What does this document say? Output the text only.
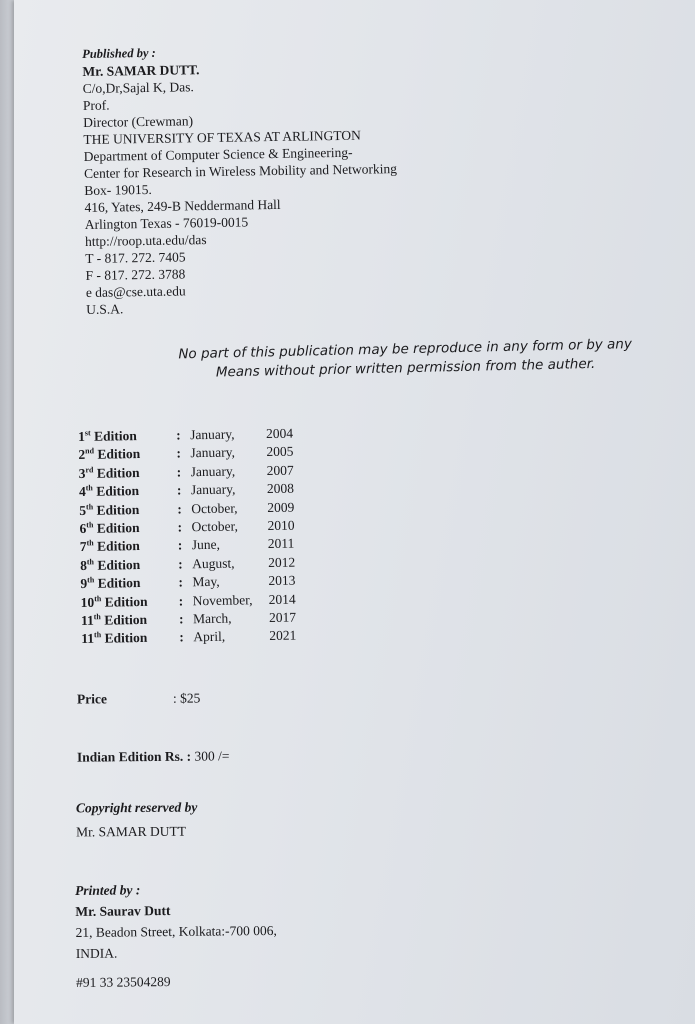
Published by :
Mr. SAMAR DUTT.
C/o,Dr,Sajal K, Das.
Prof.
Director (Crewman)
THE UNIVERSITY OF TEXAS AT ARLINGTON
Department of Computer Science & Engineering-
Center for Research in Wireless Mobility and Networking
Box- 19015.
416, Yates, 249-B Neddermand Hall
Arlington Texas - 76019-0015
http://roop.uta.edu/das
T - 817. 272. 7405
F - 817. 272. 3788
e das@cse.uta.edu
U.S.A.
No part of this publication may be reproduce in any form or by any
Means without prior written permission from the auther.
1st Edition	: January,	2004
2nd Edition	: January,	2005
3rd Edition	: January,	2007
4th Edition	: January,	2008
5th Edition	: October,	2009
6th Edition	: October,	2010
7th Edition	: June,	2011
8th Edition	: August,	2012
9th Edition	: May,	2013
10th Edition	: November,	2014
11th Edition	: March,	2017
11th Edition	: April,	2021
Price	: $25
Indian Edition Rs. : 300 /=
Copyright reserved by
Mr. SAMAR DUTT
Printed by :
Mr. Saurav Dutt
21, Beadon Street, Kolkata:-700 006,
INDIA.
#91 33 23504289
